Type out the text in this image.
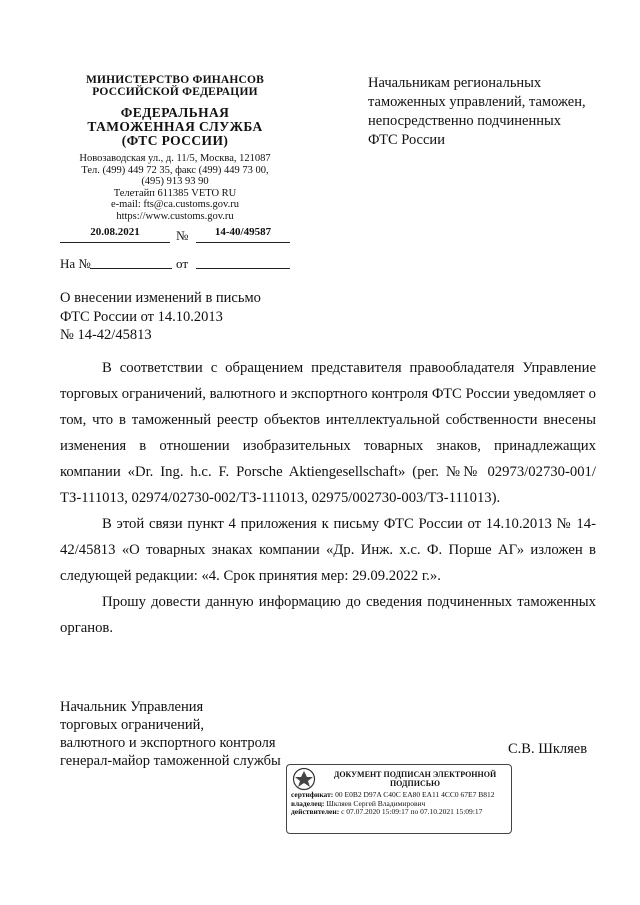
МИНИСТЕРСТВО ФИНАНСОВ
РОССИЙСКОЙ ФЕДЕРАЦИИ
ФЕДЕРАЛЬНАЯ
ТАМОЖЕННАЯ СЛУЖБА
(ФТС РОССИИ)
Новозаводская ул., д. 11/5, Москва, 121087
Тел. (499) 449 72 35, факс (499) 449 73 00,
(495) 913 93 90
Телетайп 611385 VETO RU
e-mail: fts@ca.customs.gov.ru
https://www.customs.gov.ru
20.08.2021	№	14-40/49587
На №	от
Начальникам региональных таможенных управлений, таможен, непосредственно подчиненных ФТС России
О внесении изменений в письмо
ФТС России от 14.10.2013
№ 14-42/45813

В соответствии с обращением представителя правообладателя Управление торговых ограничений, валютного и экспортного контроля ФТС России уведомляет о том, что в таможенный реестр объектов интеллектуальной собственности внесены изменения в отношении изобразительных товарных знаков, принадлежащих компании «Dr. Ing. h.c. F. Porsche Aktiengesellschaft» (рег. №№ 02973/02730-001/ТЗ-111013, 02974/02730-002/ТЗ-111013, 02975/002730-003/ТЗ-111013).

В этой связи пункт 4 приложения к письму ФТС России от 14.10.2013 № 14-42/45813 «О товарных знаках компании «Др. Инж. х.с. Ф. Порше АГ» изложен в следующей редакции: «4. Срок принятия мер: 29.09.2022 г.».

Прошу довести данную информацию до сведения подчиненных таможенных органов.

Начальник Управления
торговых ограничений,
валютного и экспортного контроля
генерал-майор таможенной службы
С.В. Шкляев
ДОКУМЕНТ ПОДПИСАН ЭЛЕКТРОННОЙ ПОДПИСЬЮ
сертификат: 00 E0B2 D97A C40C EA80 EA11 4CC0 67E7 B812
владелец: Шкляев Сергей Владимирович
действителен: с 07.07.2020 15:09:17 по 07.10.2021 15:09:17
